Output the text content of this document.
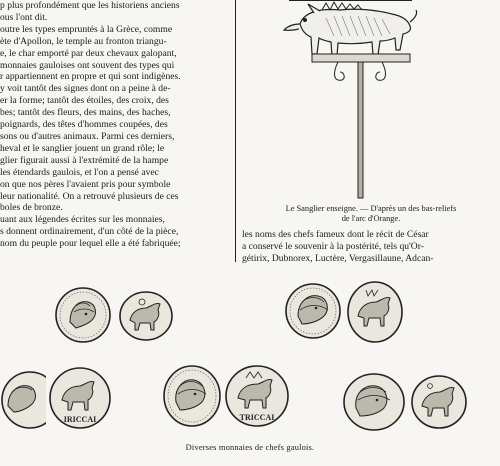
p plus profondément que les historiens anciens

ous l'ont dit.

outre les types empruntés à la Grèce, comme

ète d'Apollon, le temple au fronton triangu-

e, le char emporté par deux chevaux galopant,

monnaies gauloises ont souvent des types qui

r appartiennent en propre et qui sont indigènes.

y voit tantôt des signes dont on a peine à de-

er la forme; tantôt des étoiles, des croix, des

bes; tantôt des fleurs, des mains, des haches,

poignards, des têtes d'hommes coupées, des

sons ou d'autres animaux. Parmi ces derniers,

heval et le sanglier jouent un grand rôle; le

glier figurait aussi à l'extrémité de la hampe

les étendards gaulois, et l'on a pensé avec

on que nos pères l'avaient pris pour symbole

leur nationalité. On a retrouvé plusieurs de ces

boles de bronze.

uant aux légendes écrites sur les monnaies,

s donnent ordinairement, d'un côté de la pièce,

nom du peuple pour lequel elle a été fabriquée;

Le Sanglier enseigne. — D'après un des bas-reliefs
de l'arc d'Orange.
les noms des chefs fameux dont le récit de César
a conservé le souvenir à la postérité, tels qu'Or-
gétirix, Dubnorex, Luctère, Vergasillaune, Adcan-
IRICCAI	TRICCAI
Diverses monnaies de chefs gaulois.
